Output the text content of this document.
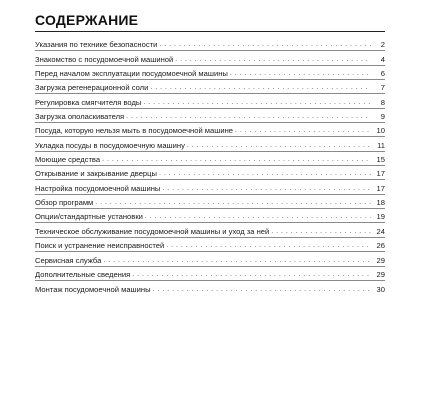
СОДЕРЖАНИЕ
Указания по технике безопасности . . .	2
Знакомство с посудомоечной машиной . . .	4
Перед началом эксплуатации посудомоечной машины . . .	6
Загрузка регенерационной соли . . .	7
Регулировка смягчителя воды . . .	8
Загрузка ополаскивателя . . .	9
Посуда, которую нельзя мыть в посудомоечной машине . . .	10
Укладка посуды в посудомоечную машину . . .	11
Моющие средства . . .	15
Открывание и закрывание дверцы . . .	17
Настройка посудомоечной машины . . .	17
Обзор программ . . .	18
Опции/стандартные установки . . .	19
Техническое обслуживание посудомоечной машины и уход за ней . . .	24
Поиск и устранение неисправностей . . .	26
Сервисная служба . . .	29
Дополнительные сведения . . .	29
Монтаж посудомоечной машины . . .	30
